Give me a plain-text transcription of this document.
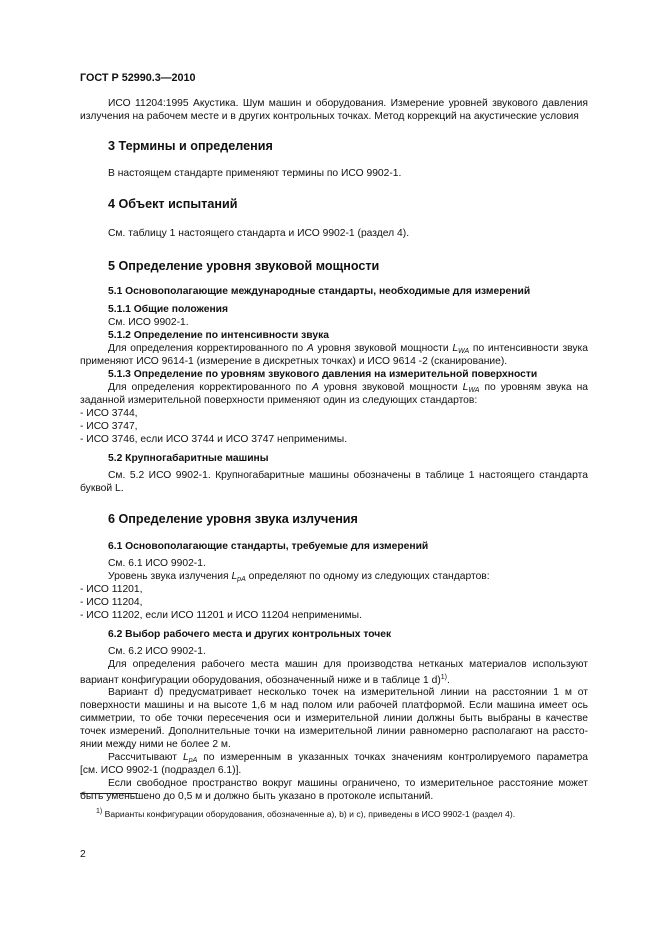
ГОСТ Р 52990.3—2010
ИСО 11204:1995 Акустика. Шум машин и оборудования. Измерение уровней звукового давления
излучения на рабочем месте и в других контрольных точках. Метод коррекций на акустические условия
3 Термины и определения
В настоящем стандарте применяют термины по ИСО 9902-1.
4 Объект испытаний
См. таблицу 1 настоящего стандарта и ИСО 9902-1 (раздел 4).
5 Определение уровня звуковой мощности
5.1 Основополагающие международные стандарты, необходимые для измерений
5.1.1 Общие положения
См. ИСО 9902-1.
5.1.2 Определение по интенсивности звука
Для определения корректированного по А уровня звуковой мощности $L_{WA}$ по интенсивности звука
применяют ИСО 9614-1 (измерение в дискретных точках) и ИСО 9614 -2 (сканирование).
5.1.3 Определение по уровням звукового давления на измерительной поверхности
Для определения корректированного по А уровня звуковой мощности $L_{WA}$ по уровням звука на
заданной измерительной поверхности применяют один из следующих стандартов:
- ИСО 3744,
- ИСО 3747,
- ИСО 3746, если ИСО 3744 и ИСО 3747 неприменимы.
5.2 Крупногабаритные машины
См. 5.2 ИСО 9902-1. Крупногабаритные машины обозначены в таблице 1 настоящего стандарта
буквой L.
6 Определение уровня звука излучения
6.1 Основополагающие стандарты, требуемые для измерений
См. 6.1 ИСО 9902-1.
Уровень звука излучения $L_{pA}$ определяют по одному из следующих стандартов:
- ИСО 11201,
- ИСО 11204,
- ИСО 11202, если ИСО 11201 и ИСО 11204 неприменимы.
6.2 Выбор рабочего места и других контрольных точек
См. 6.2 ИСО 9902-1.
Для определения рабочего места машин для производства нетканых материалов используют
вариант конфигурации оборудования, обозначенный ниже и в таблице 1 d)$^{1)}$.
Вариант d) предусматривает несколько точек на измерительной линии на расстоянии 1 м от
поверхности машины и на высоте 1,6 м над полом или рабочей платформой. Если машина имеет ось
симметрии, то обе точки пересечения оси и измерительной линии должны быть выбраны в качестве
точек измерений. Дополнительные точки на измерительной линии равномерно располагают на рассто-
янии между ними не более 2 м.
Рассчитывают $L_{pA}$ по измеренным в указанных точках значениям контролируемого параметра
[см. ИСО 9902-1 (подраздел 6.1)].
Если свободное пространство вокруг машины ограничено, то измерительное расстояние может
быть уменьшено до 0,5 м и должно быть указано в протоколе испытаний.
$^{1)}$ Варианты конфигурации оборудования, обозначенные a), b) и c), приведены в ИСО 9902-1 (раздел 4).
2
